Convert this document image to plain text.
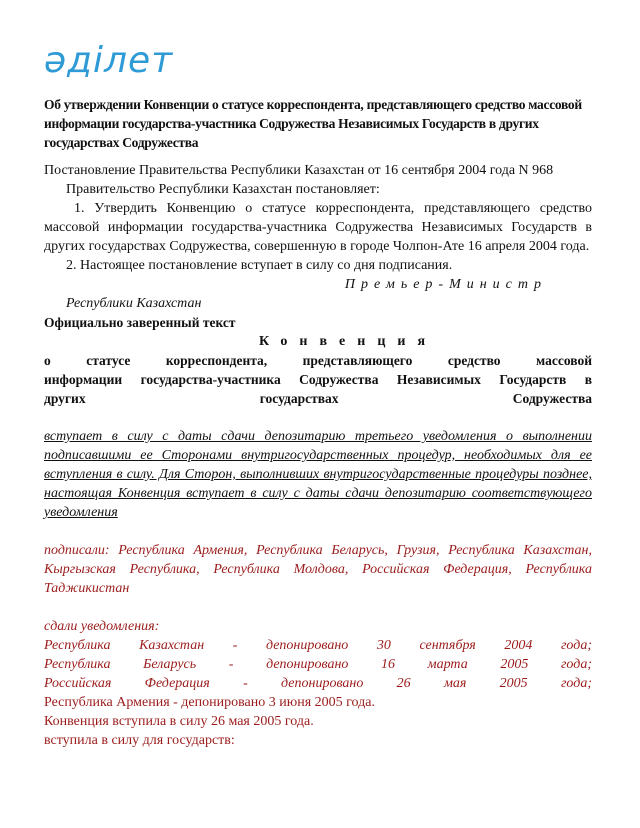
әділет

Об утверждении Конвенции о статусе корреспондента, представляющего средство массовой информации государства-участника Содружества Независимых Государств в других государствах Содружества

Постановление Правительства Республики Казахстан от 16 сентября 2004 года N 968

Правительство Республики Казахстан постановляет:

1. Утвердить Конвенцию о статусе корреспондента, представляющего средство массовой информации государства-участника Содружества Независимых Государств в других государствах Содружества, совершенную в городе Чолпон-Ате 16 апреля 2004 года.

2. Настоящее постановление вступает в силу со дня подписания.

Премьер-Министр

Республики Казахстан

Официально заверенный текст

Конвенция

о статусе корреспондента, представляющего средство массовой информации государства-участника Содружества Независимых Государств в других государствах Содружества

вступает в силу с даты сдачи депозитарию третьего уведомления о выполнении подписавшими ее Сторонами внутригосударственных процедур, необходимых для ее вступления в силу. Для Сторон, выполнивших внутригосударственные процедуры позднее, настоящая Конвенция вступает в силу с даты сдачи депозитарию соответствующего уведомления

подписали: Республика Армения, Республика Беларусь, Грузия, Республика Казахстан, Кыргызская Республика, Республика Молдова, Российская Федерация, Республика Таджикистан

сдали уведомления:

Республика Казахстан - депонировано 30 сентября 2004 года;

Республика Беларусь - депонировано 16 марта 2005 года;

Российская Федерация - депонировано 26 мая 2005 года;

Республика Армения - депонировано 3 июня 2005 года.

Конвенция вступила в силу 26 мая 2005 года.

вступила в силу для государств:
